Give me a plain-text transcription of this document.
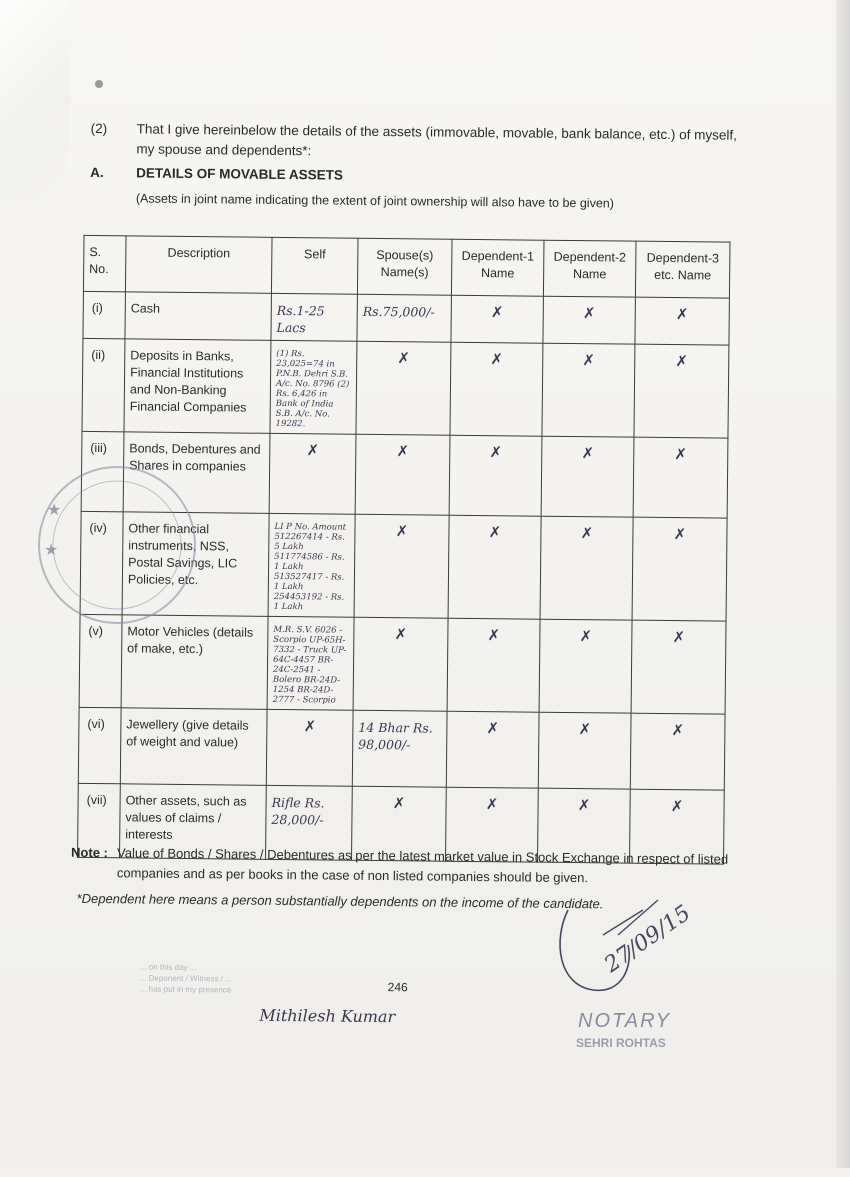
(2) That I give hereinbelow the details of the assets (immovable, movable, bank balance, etc.) of myself, my spouse and dependents*:
A. DETAILS OF MOVABLE ASSETS
(Assets in joint name indicating the extent of joint ownership will also have to be given)
S. No.	Description	Self	Spouse(s) Name(s)	Dependent-1 Name	Dependent-2 Name	Dependent-3 etc. Name
(i)	Cash	Rs.1-25 Lacs	Rs.75,000/-	✗	✗	✗
(ii)	Deposits in Banks, Financial Institutions and Non-Banking Financial Companies	(1) Rs. 23,025=74 in P.N.B. Dehri S.B. A/c. No. 8796 (2) Rs. 6,426 in Bank of India S.B. A/c. No. 19282.	✗	✗	✗	✗
(iii)	Bonds, Debentures and Shares in companies	✗	✗	✗	✗	✗
(iv)	Other financial instruments, NSS, Postal Savings, LIC Policies, etc.	LI P No. Amount 512267414 - Rs. 5 Lakh 511774586 - Rs. 1 Lakh 513527417 - Rs. 1 Lakh 254453192 - Rs. 1 Lakh	✗	✗	✗	✗
(v)	Motor Vehicles (details of make, etc.)	M.R. S.V. 6026 - Scorpio UP-65H-7332 - Truck UP-64C-4457 BR-24C-2541 - Bolero BR-24D-1254 BR-24D-2777 - Scorpio	✗	✗	✗	✗
(vi)	Jewellery (give details of weight and value)	✗	14 Bhar Rs. 98,000/-	✗	✗	✗
(vii)	Other assets, such as values of claims / interests	Rifle Rs. 28,000/-	✗	✗	✗	✗
Note : Value of Bonds / Shares / Debentures as per the latest market value in Stock Exchange in respect of listed companies and as per books in the case of non listed companies should be given.
*Dependent here means a person substantially dependents on the income of the candidate.
... on this day ...
... Deponent / Witness / ...
... has put in my presence.	246
Mithilesh Kumar
★
★
27/09/15
NOTARY
SEHRI ROHTAS
